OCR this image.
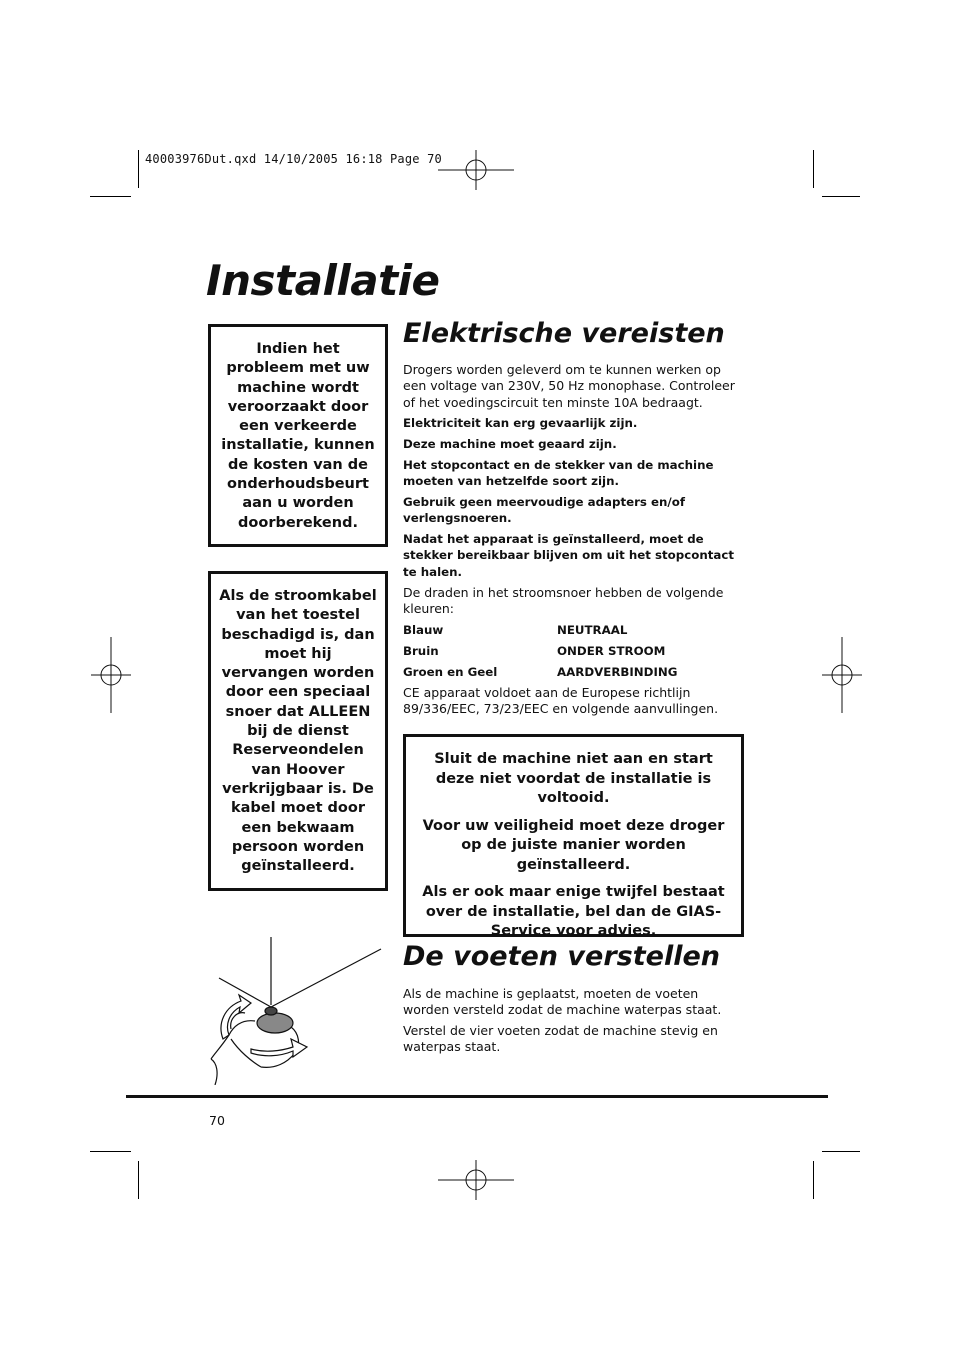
40003976Dut.qxd 14/10/2005 16:18 Page 70
Installatie

Indien het probleem met uw machine wordt veroorzaakt door een verkeerde installatie, kunnen de kosten van de onderhoudsbeurt aan u worden doorberekend.

Als de stroomkabel van het toestel beschadigd is, dan moet hij vervangen worden door een speciaal snoer dat ALLEEN bij de dienst Reserveondelen van Hoover verkrijgbaar is. De kabel moet door een bekwaam persoon worden geïnstalleerd.

Elektrische vereisten

Drogers worden geleverd om te kunnen werken op een voltage van 230V, 50 Hz monophase. Controleer of het voedingscircuit ten minste 10A bedraagt.

Elektriciteit kan erg gevaarlijk zijn.

Deze machine moet geaard zijn.

Het stopcontact en de stekker van de machine moeten van hetzelfde soort zijn.

Gebruik geen meervoudige adapters en/of verlengsnoeren.

Nadat het apparaat is geïnstalleerd, moet de stekker bereikbaar blijven om uit het stopcontact te halen.

De draden in het stroomsnoer hebben de volgende kleuren:

Blauw	NEUTRAAL
Bruin	ONDER STROOM
Groen en Geel	AARDVERBINDING

CE apparaat voldoet aan de Europese richtlijn 89/336/EEC, 73/23/EEC en volgende aanvullingen.

Sluit de machine niet aan en start deze niet voordat de installatie is voltooid.

Voor uw veiligheid moet deze droger op de juiste manier worden geïnstalleerd.

Als er ook maar enige twijfel bestaat over de installatie, bel dan de GIAS-Service voor advies.

De voeten verstellen

Als de machine is geplaatst, moeten de voeten worden versteld zodat de machine waterpas staat.

Verstel de vier voeten zodat de machine stevig en waterpas staat.

70
